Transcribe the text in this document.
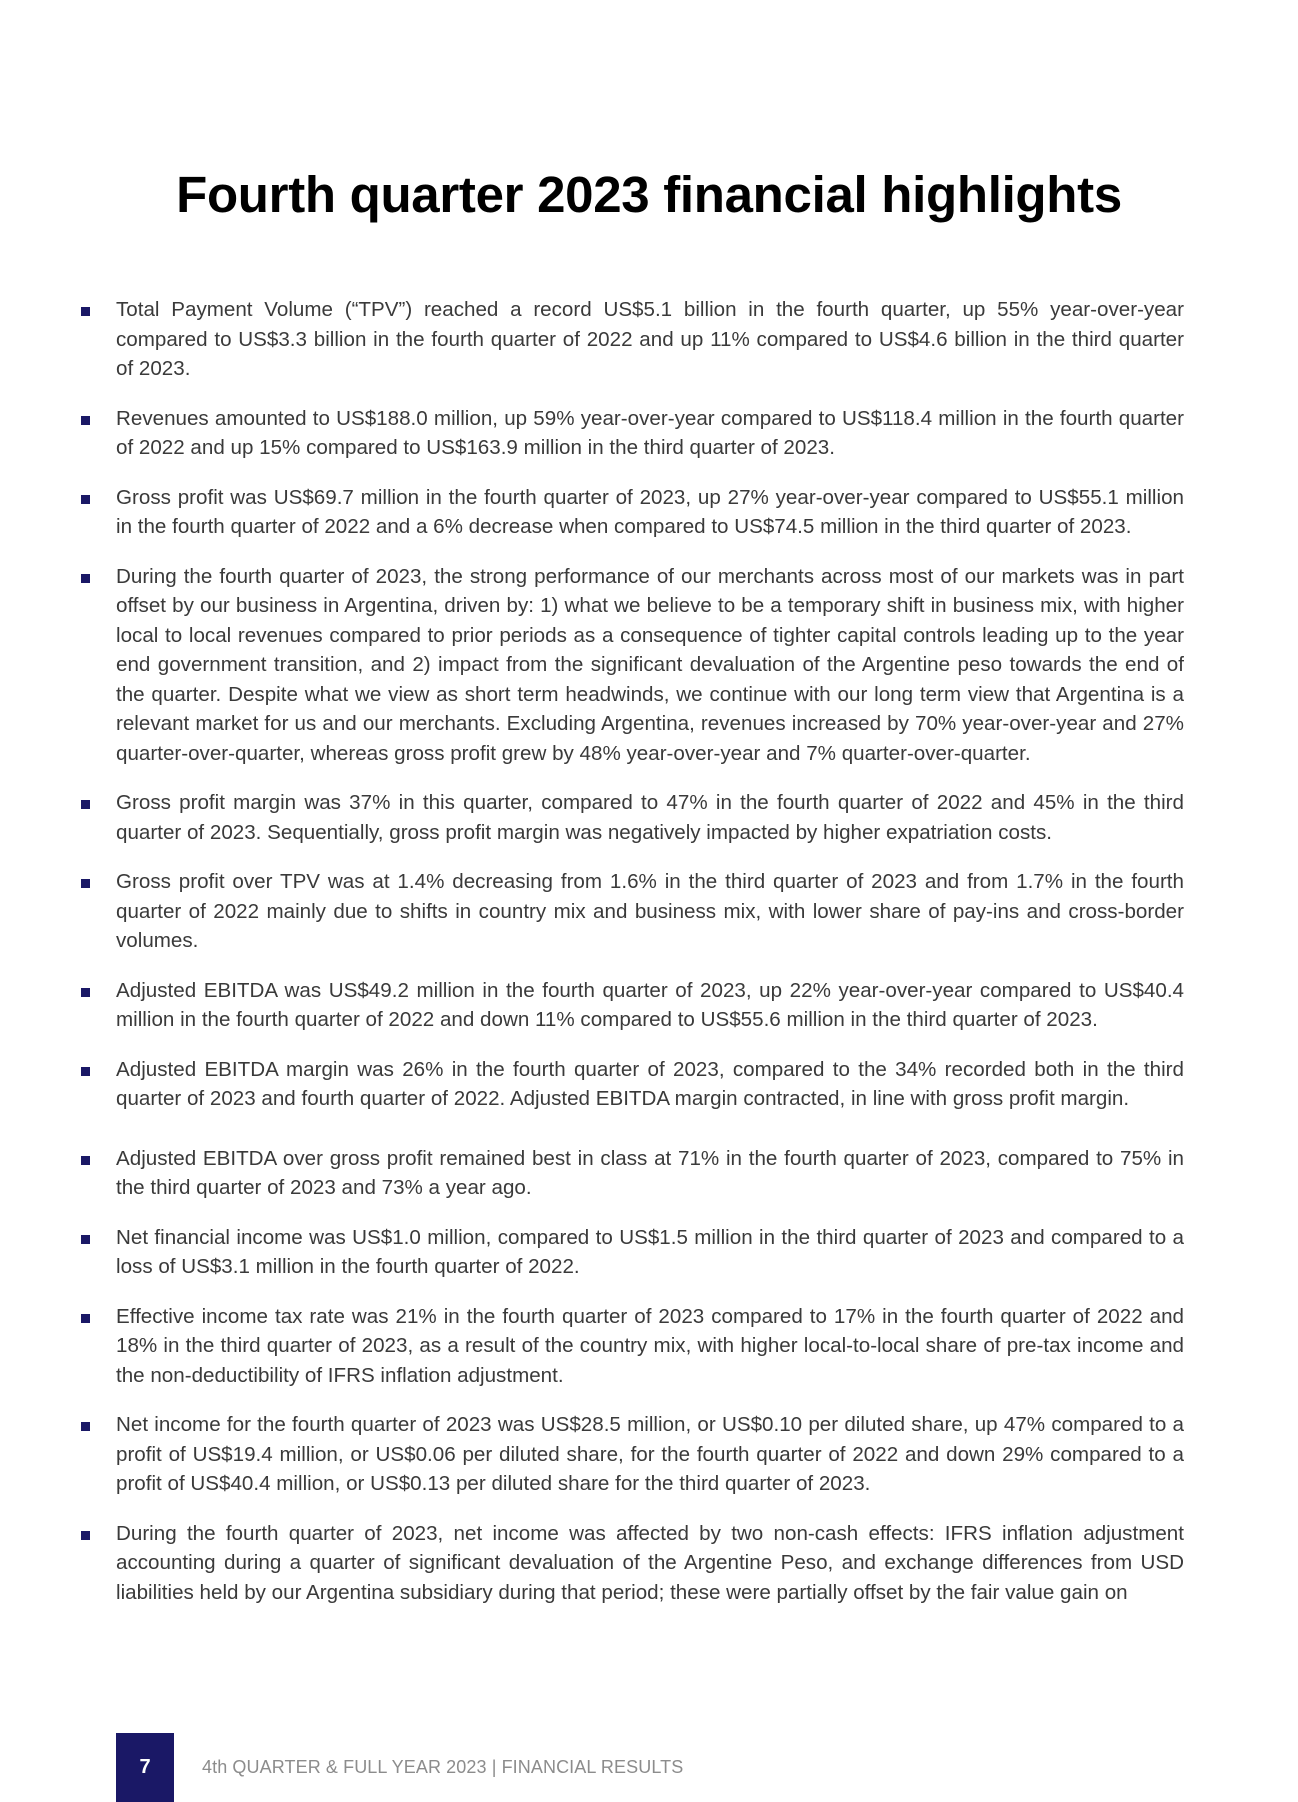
Fourth quarter 2023 financial highlights
Total Payment Volume (“TPV”) reached a record US$5.1 billion in the fourth quarter, up 55% year-over-year compared to US$3.3 billion in the fourth quarter of 2022 and up 11% compared to US$4.6 billion in the third quarter of 2023.
Revenues amounted to US$188.0 million, up 59% year-over-year compared to US$118.4 million in the fourth quarter of 2022 and up 15% compared to US$163.9 million in the third quarter of 2023.
Gross profit was US$69.7 million in the fourth quarter of 2023, up 27% year-over-year compared to US$55.1 million in the fourth quarter of 2022 and a 6% decrease when compared to US$74.5 million in the third quarter of 2023.
During the fourth quarter of 2023, the strong performance of our merchants across most of our markets was in part offset by our business in Argentina, driven by: 1) what we believe to be a temporary shift in business mix, with higher local to local revenues compared to prior periods as a consequence of tighter capital controls leading up to the year end government transition, and 2) impact from the significant devaluation of the Argentine peso towards the end of the quarter. Despite what we view as short term headwinds, we continue with our long term view that Argentina is a relevant market for us and our merchants. Excluding Argentina, revenues increased by 70% year-over-year and 27% quarter-over-quarter, whereas gross profit grew by 48% year-over-year and 7% quarter-over-quarter.
Gross profit margin was 37% in this quarter, compared to 47% in the fourth quarter of 2022 and 45% in the third quarter of 2023. Sequentially, gross profit margin was negatively impacted by higher expatriation costs.
Gross profit over TPV was at 1.4% decreasing from 1.6% in the third quarter of 2023 and from 1.7% in the fourth quarter of 2022 mainly due to shifts in country mix and business mix, with lower share of pay-ins and cross-border volumes.
Adjusted EBITDA was US$49.2 million in the fourth quarter of 2023, up 22% year-over-year compared to US$40.4 million in the fourth quarter of 2022 and down 11% compared to US$55.6 million in the third quarter of 2023.
Adjusted EBITDA margin was 26% in the fourth quarter of 2023, compared to the 34% recorded both in the third quarter of 2023 and fourth quarter of 2022. Adjusted EBITDA margin contracted, in line with gross profit margin.
Adjusted EBITDA over gross profit remained best in class at 71% in the fourth quarter of 2023, compared to 75% in the third quarter of 2023 and 73% a year ago.
Net financial income was US$1.0 million, compared to US$1.5 million in the third quarter of 2023 and compared to a loss of US$3.1 million in the fourth quarter of 2022.
Effective income tax rate was 21% in the fourth quarter of 2023 compared to 17% in the fourth quarter of 2022 and 18% in the third quarter of 2023, as a result of the country mix, with higher local-to-local share of pre-tax income and the non-deductibility of IFRS inflation adjustment.
Net income for the fourth quarter of 2023 was US$28.5 million, or US$0.10 per diluted share, up 47% compared to a profit of US$19.4 million, or US$0.06 per diluted share, for the fourth quarter of 2022 and down 29% compared to a profit of US$40.4 million, or US$0.13 per diluted share for the third quarter of 2023.
During the fourth quarter of 2023, net income was affected by two non-cash effects: IFRS inflation adjustment accounting during a quarter of significant devaluation of the Argentine Peso, and exchange differences from USD liabilities held by our Argentina subsidiary during that period; these were partially offset by the fair value gain on
7	4th QUARTER & FULL YEAR 2023 | FINANCIAL RESULTS
